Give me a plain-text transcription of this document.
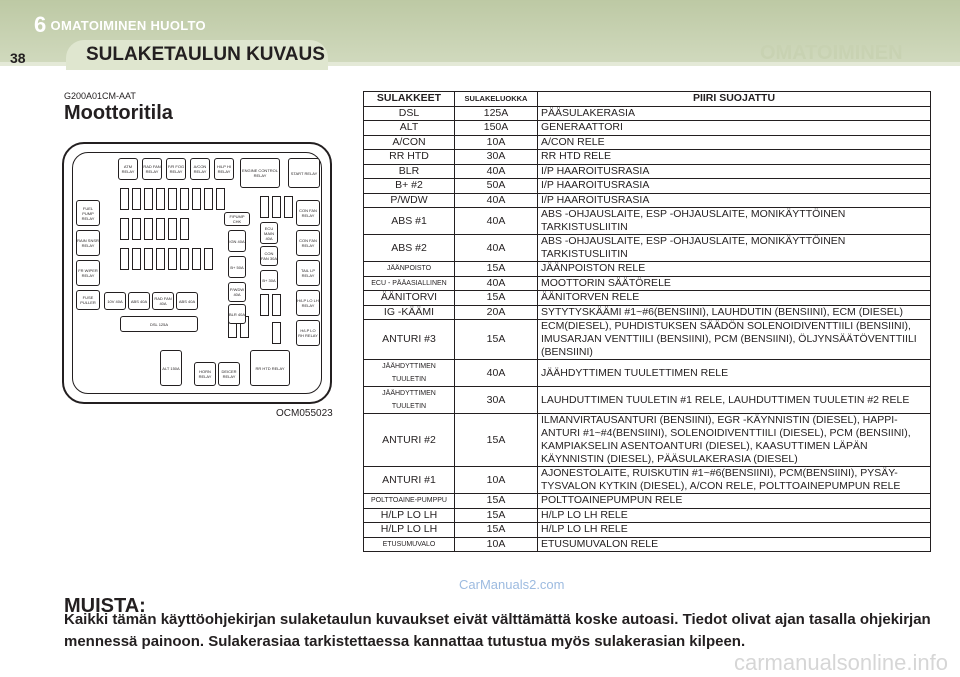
6 OMATOIMINEN HUOLTO
38	SULAKETAULUN KUVAUS	OMATOIMINEN
G200A01CM-AAT
Moottoritila
ATM RELAY
RAD FAN RELAY
F/R FOG RELAY
A/CON RELAY
H/LP HI RELAY	ENGINE CONTROL RELAY	START RELAY
FUEL PUMP RELAY
RAIN SNSR RELAY
FR WIPER RELAY
FUSE PULLER
CON FAN RELAY
CON FAN RELAY
TAIL LP RELAY
H/LP LO LH RELAY
H/LP LO RH RELAY
F/PUMP CHK
IGN 40A
ECU MAIN 40A
CON FAN 30A
B+ 50A
B+ 30A
P/WDW 40A
BLR 40A
10V 40A	ABS 40A	RAD FAN 40A	ABS 40A
DSL 125A
ALT 150A
HORN RELAY
DEICER RELAY
RR HTD RELAY
OCM055023
SULAKKEET	SULAKELUOKKA	PIIRI SUOJATTU
DSL	125A	PÄÄSULAKERASIA
ALT	150A	GENERAATTORI
A/CON	10A	A/CON RELE
RR HTD	30A	RR HTD RELE
BLR	40A	I/P HAAROITUSRASIA
B+ #2	50A	I/P HAAROITUSRASIA
P/WDW	40A	I/P HAAROITUSRASIA
ABS #1	40A	ABS -OHJAUSLAITE, ESP -OHJAUSLAITE, MONIKÄYTTÖINEN TARKISTUSLIITIN
ABS #2	40A	ABS -OHJAUSLAITE, ESP -OHJAUSLAITE, MONIKÄYTTÖINEN TARKISTUSLIITIN
JÄÄNPOISTO	15A	JÄÄNPOISTON RELE
ECU - PÄÄASIALLINEN	40A	MOOTTORIN SÄÄTÖRELE
ÄÄNITORVI	15A	ÄÄNITORVEN RELE
IG -KÄÄMI	20A	SYTYTYSKÄÄMI #1~#6(BENSIINI), LAUHDUTIN (BENSIINI), ECM (DIESEL)
ANTURI #3	15A	ECM(DIESEL), PUHDISTUKSEN SÄÄDÖN SOLENOIDIVENTTIILI (BENSIINI), IMUSARJAN VENTTIILI (BENSIINI), PCM (BENSIINI), ÖLJYNSÄÄTÖVENTTIILI (BENSIINI)
JÄÄHDYTTIMEN TUULETIN	40A	JÄÄHDYTTIMEN TUULETTIMEN RELE
JÄÄHDYTTIMEN TUULETIN	30A	LAUHDUTTIMEN TUULETIN #1 RELE, LAUHDUTTIMEN TUULETIN #2 RELE
ANTURI #2	15A	ILMANVIRTAUSANTURI (BENSIINI), EGR -KÄYNNISTIN (DIESEL), HAPPI-ANTURI #1~#4(BENSIINI), SOLENOIDIVENTTIILI (DIESEL), PCM (BENSIINI), KAMPIAKSELIN ASENTOANTURI (DIESEL), KAASUTTIMEN LÄPÄN KÄYNNISTIN (DIESEL), PÄÄSULAKERASIA (DIESEL)
ANTURI #1	10A	AJONESTOLAITE, RUISKUTIN #1~#6(BENSIINI), PCM(BENSIINI), PYSÄY-TYSVALON KYTKIN (DIESEL), A/CON RELE, POLTTOAINEPUMPUN RELE
POLTTOAINE-PUMPPU	15A	POLTTOAINEPUMPUN RELE
H/LP LO LH	15A	H/LP LO LH RELE
H/LP LO LH	15A	H/LP LO LH RELE
ETUSUMUVALO	10A	ETUSUMUVALON RELE
CarManuals2.com
MUISTA:
Kaikki tämän käyttöohjekirjan sulaketaulun kuvaukset eivät välttämättä koske autoasi. Tiedot olivat ajan tasalla ohjekirjan mennessä painoon. Sulakerasiaa tarkistettaessa kannattaa tutustua myös sulakerasian kilpeen.
carmanualsonline.info
